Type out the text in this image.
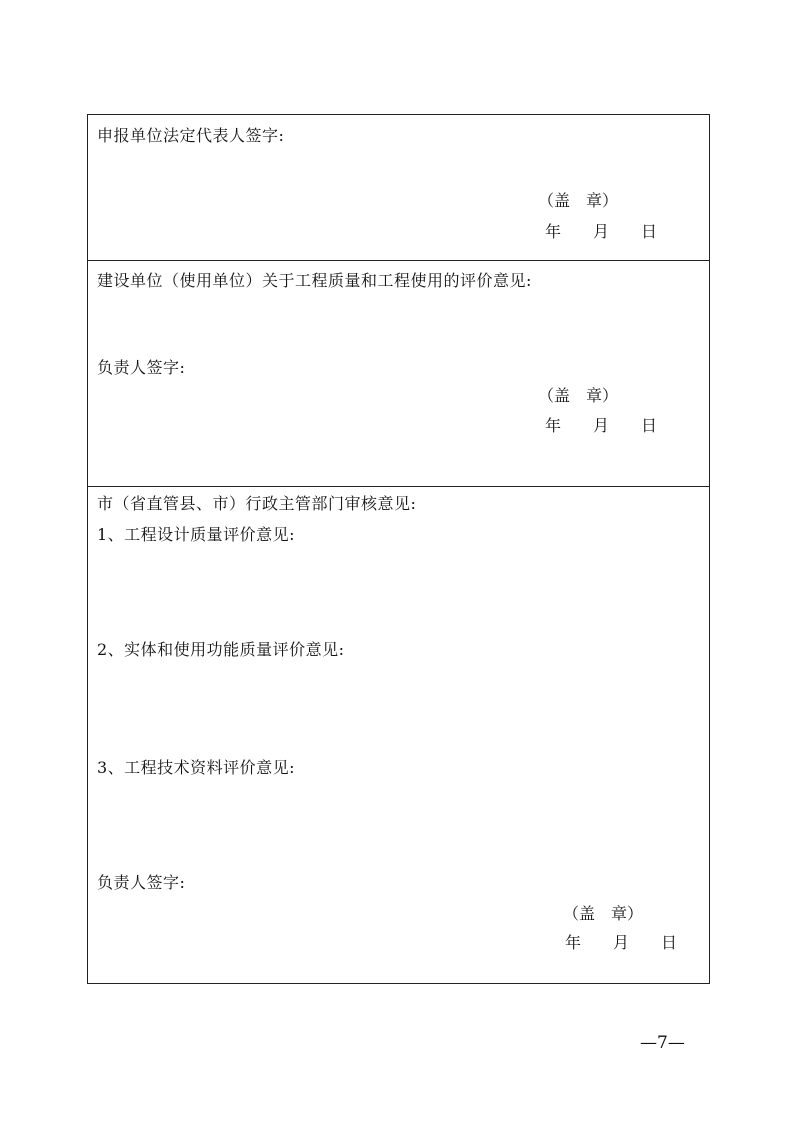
申报单位法定代表人签字:
（盖　章）
年　　月　　日
建设单位（使用单位）关于工程质量和工程使用的评价意见:
负责人签字:
（盖　章）
年　　月　　日
市（省直管县、市）行政主管部门审核意见:
1、工程设计质量评价意见:
2、实体和使用功能质量评价意见:
3、工程技术资料评价意见:
负责人签字:
（盖　章）
年　　月　　日
—7—
